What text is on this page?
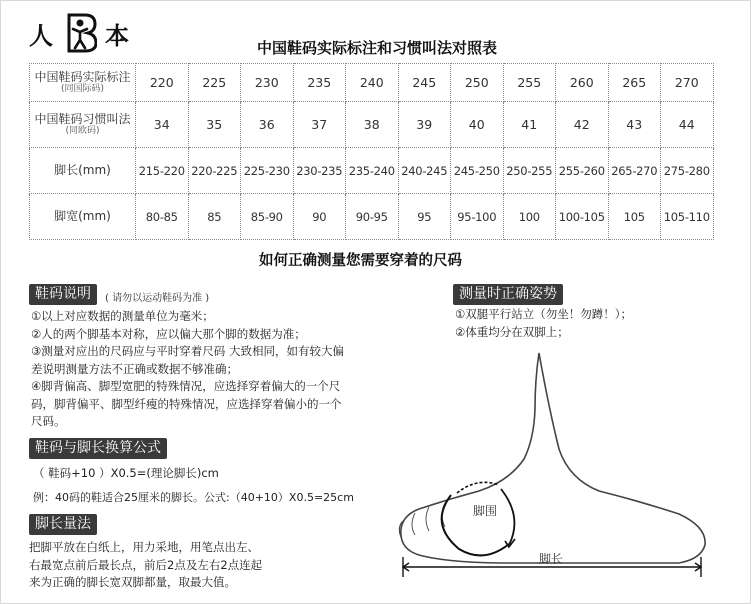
人 本	中国鞋码实际标注和习惯叫法对照表
中国鞋码实际标注
(同国际码)	220	225	230	235	240	245	250	255	260	265	270
中国鞋码习惯叫法
(同欧码)	34	35	36	37	38	39	40	41	42	43	44
脚长(mm)	215-220	220-225	225-230	230-235	235-240	240-245	245-250	250-255	255-260	265-270	275-280
脚宽(mm)	80-85	85	85-90	90	90-95	95	95-100	100	100-105	105	105-110
如何正确测量您需要穿着的尺码
鞋码说明	( 请勿以运动鞋码为准 )
①以上对应数据的测量单位为毫米；
②人的两个脚基本对称，应以偏大那个脚的数据为准；
③测量对应出的尺码应与平时穿着尺码 大致相同，如有较大偏
差说明测量方法不正确或数据不够准确；
④脚背偏高、脚型宽肥的特殊情况，应选择穿着偏大的一个尺
码，脚背偏平、脚型纤瘦的特殊情况，应选择穿着偏小的一个
尺码。
测量时正确姿势
①双腿平行站立（勿坐！勿蹲！）；
②体重均分在双脚上；
鞋码与脚长换算公式
（ 鞋码+10 ）X0.5=(理论脚长)cm
例：40码的鞋适合25厘米的脚长。公式:（40+10）X0.5=25cm
脚长量法
把脚平放在白纸上，用力采地，用笔点出左、
右最宽点前后最长点，前后2点及左右2点连起
来为正确的脚长宽双脚都量，取最大值。
脚围
脚长
